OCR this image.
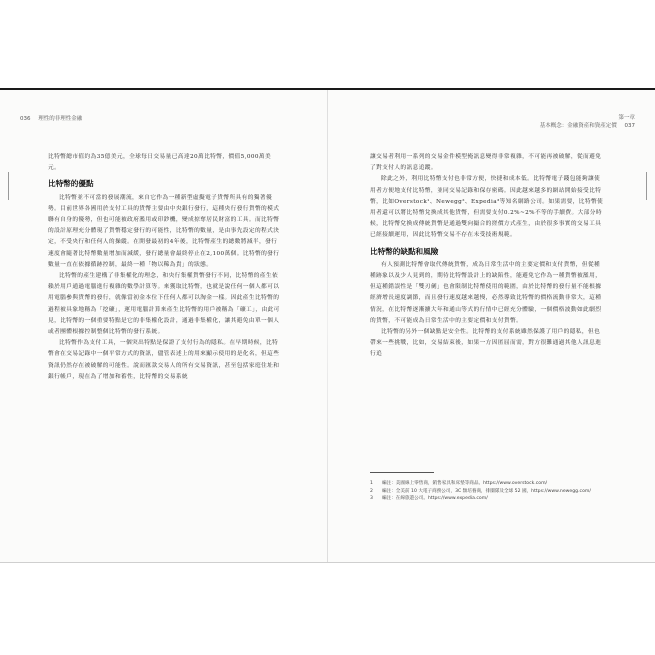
036 理性的非理性金融

比特幣總市值約為35億美元，全球每日交易量已高達20萬比特幣，價值5,000萬美元。

比特幣的優點

比特幣並不可當的發展潮流，來自它作為一種新型虛擬電子貨幣所具有的獨著優勢。目前世界各國用於支付工具的貨幣主要由中央銀行發行，這種央行發行貨幣的模式聯有自身的優勢，但也可能被政府濫用或印鈔機，變成掠奪居民財富的工具。而比特幣的設計原理充分體現了貨幣穩定發行的可能性，比特幣的數量，是由事先設定的程式決定，不受央行和任何人的操縱。在開發最初的4年後，比特幣產生的總數將減半，發行速度會隨著比特幣數量增加而減緩，發行總量會最終停止在2,100萬個。比特幣的發行數量一直在依據循跡控制，最終一種「物以稀為貴」的狀態。

比特幣的產生建構了非集權化的理念，和央行集權貨幣發行不同，比特幣的產生依賴於用戶通過電腦進行複雜的數學計算等。來獲取比特幣，也就是說任何一個人都可以用電腦參與貨幣的發行，就像當初金本位下任何人都可以淘金一樣。因此產生比特幣的過程被具象地稱為「挖礦」，運用電腦計算來產生比特幣的用戶被稱為「礦工」，由此可見，比特幣的一個重要特點是它的非集權化設計，通過非集權化，讓其避免由單一個人或者團體根據控制整個比特幣的發行系統。

比特幣作為支付工具，一個突出特點是保證了支付行為的隱私。在早期時候，比特幣會在交易記錄中一個平常方式的資訊，儘管表述上的用來顯示使用的是化名，但這些資訊仍然存在被破解的可能性。說而匯款交易人的所有交易資訊，甚至包括家庭住址和銀行帳戶，現在為了增加和蓄性，比特幣的交易系統

第一章
基本概念：金融資產和資產定價 037

讓交易者利用一系列的交易金件模型掩訊息變得非常複雜，不可能再被破解，從而避免了對支付人的訊息追蹤。

除此之外，利用比特幣支付也非常方便，快捷和成本低。比特幣電子錢包能夠讓使用者方便地支付比特幣，並同交易記錄和保存密碼。因此越來越多的網站開始接受比特幣，比如Overstock¹、Newegg²、Expedia³等知名網路公司。如果需要，比特幣使用者還可以將比特幣兌換成其他貨幣，但需要支付0.2%~2%不等的手續費。大部分時候，比特幣兌換成傳統貨幣是通過雙向撮合的搓價方式產生，由於很多事實的交易工具已經接續運用，因此比特幣交易不存在未受技術規範。

比特幣的缺點和風險

有人預測比特幣會取代傳統貨幣，成為日常生活中的主要定價和支付貨幣，但從種種跡象以及少人見到的，期待比特幣設計上的缺陷性，能避免它作為一種貨幣被濫用，但這種錯誤性是「雙刃劍」也會限制比特幣使用的範圍，由於比特幣的發行量不能根據經濟增長速度調節，而且發行速度越來越慢，必然導致比特幣的價格流動非常大，這種情況，在比特幣逐漸擴大年和通山等式的行情中已經充分體驗，一個價格波動如此劇烈的貨幣，不可能成為日常生活中的主要定價和支付貨幣。

比特幣的另外一個缺點是安全性。比特幣的支付系統雖然保護了用戶的隱私，但也帶來一些挑戰，比如，交易結束後，如果一方因匿屈而需，對方很難通過其他人訊息進行追

1	編注：美國線上零售商，銷售家具和床墊等商品。https://www.overstock.com/
2	編注：全美前 10 大電子商務公司，3C 類培養商，排團隊及全球 52 國，https://www.newegg.com/
3	編注：在線旅遊公司。https://www.expedia.com/
